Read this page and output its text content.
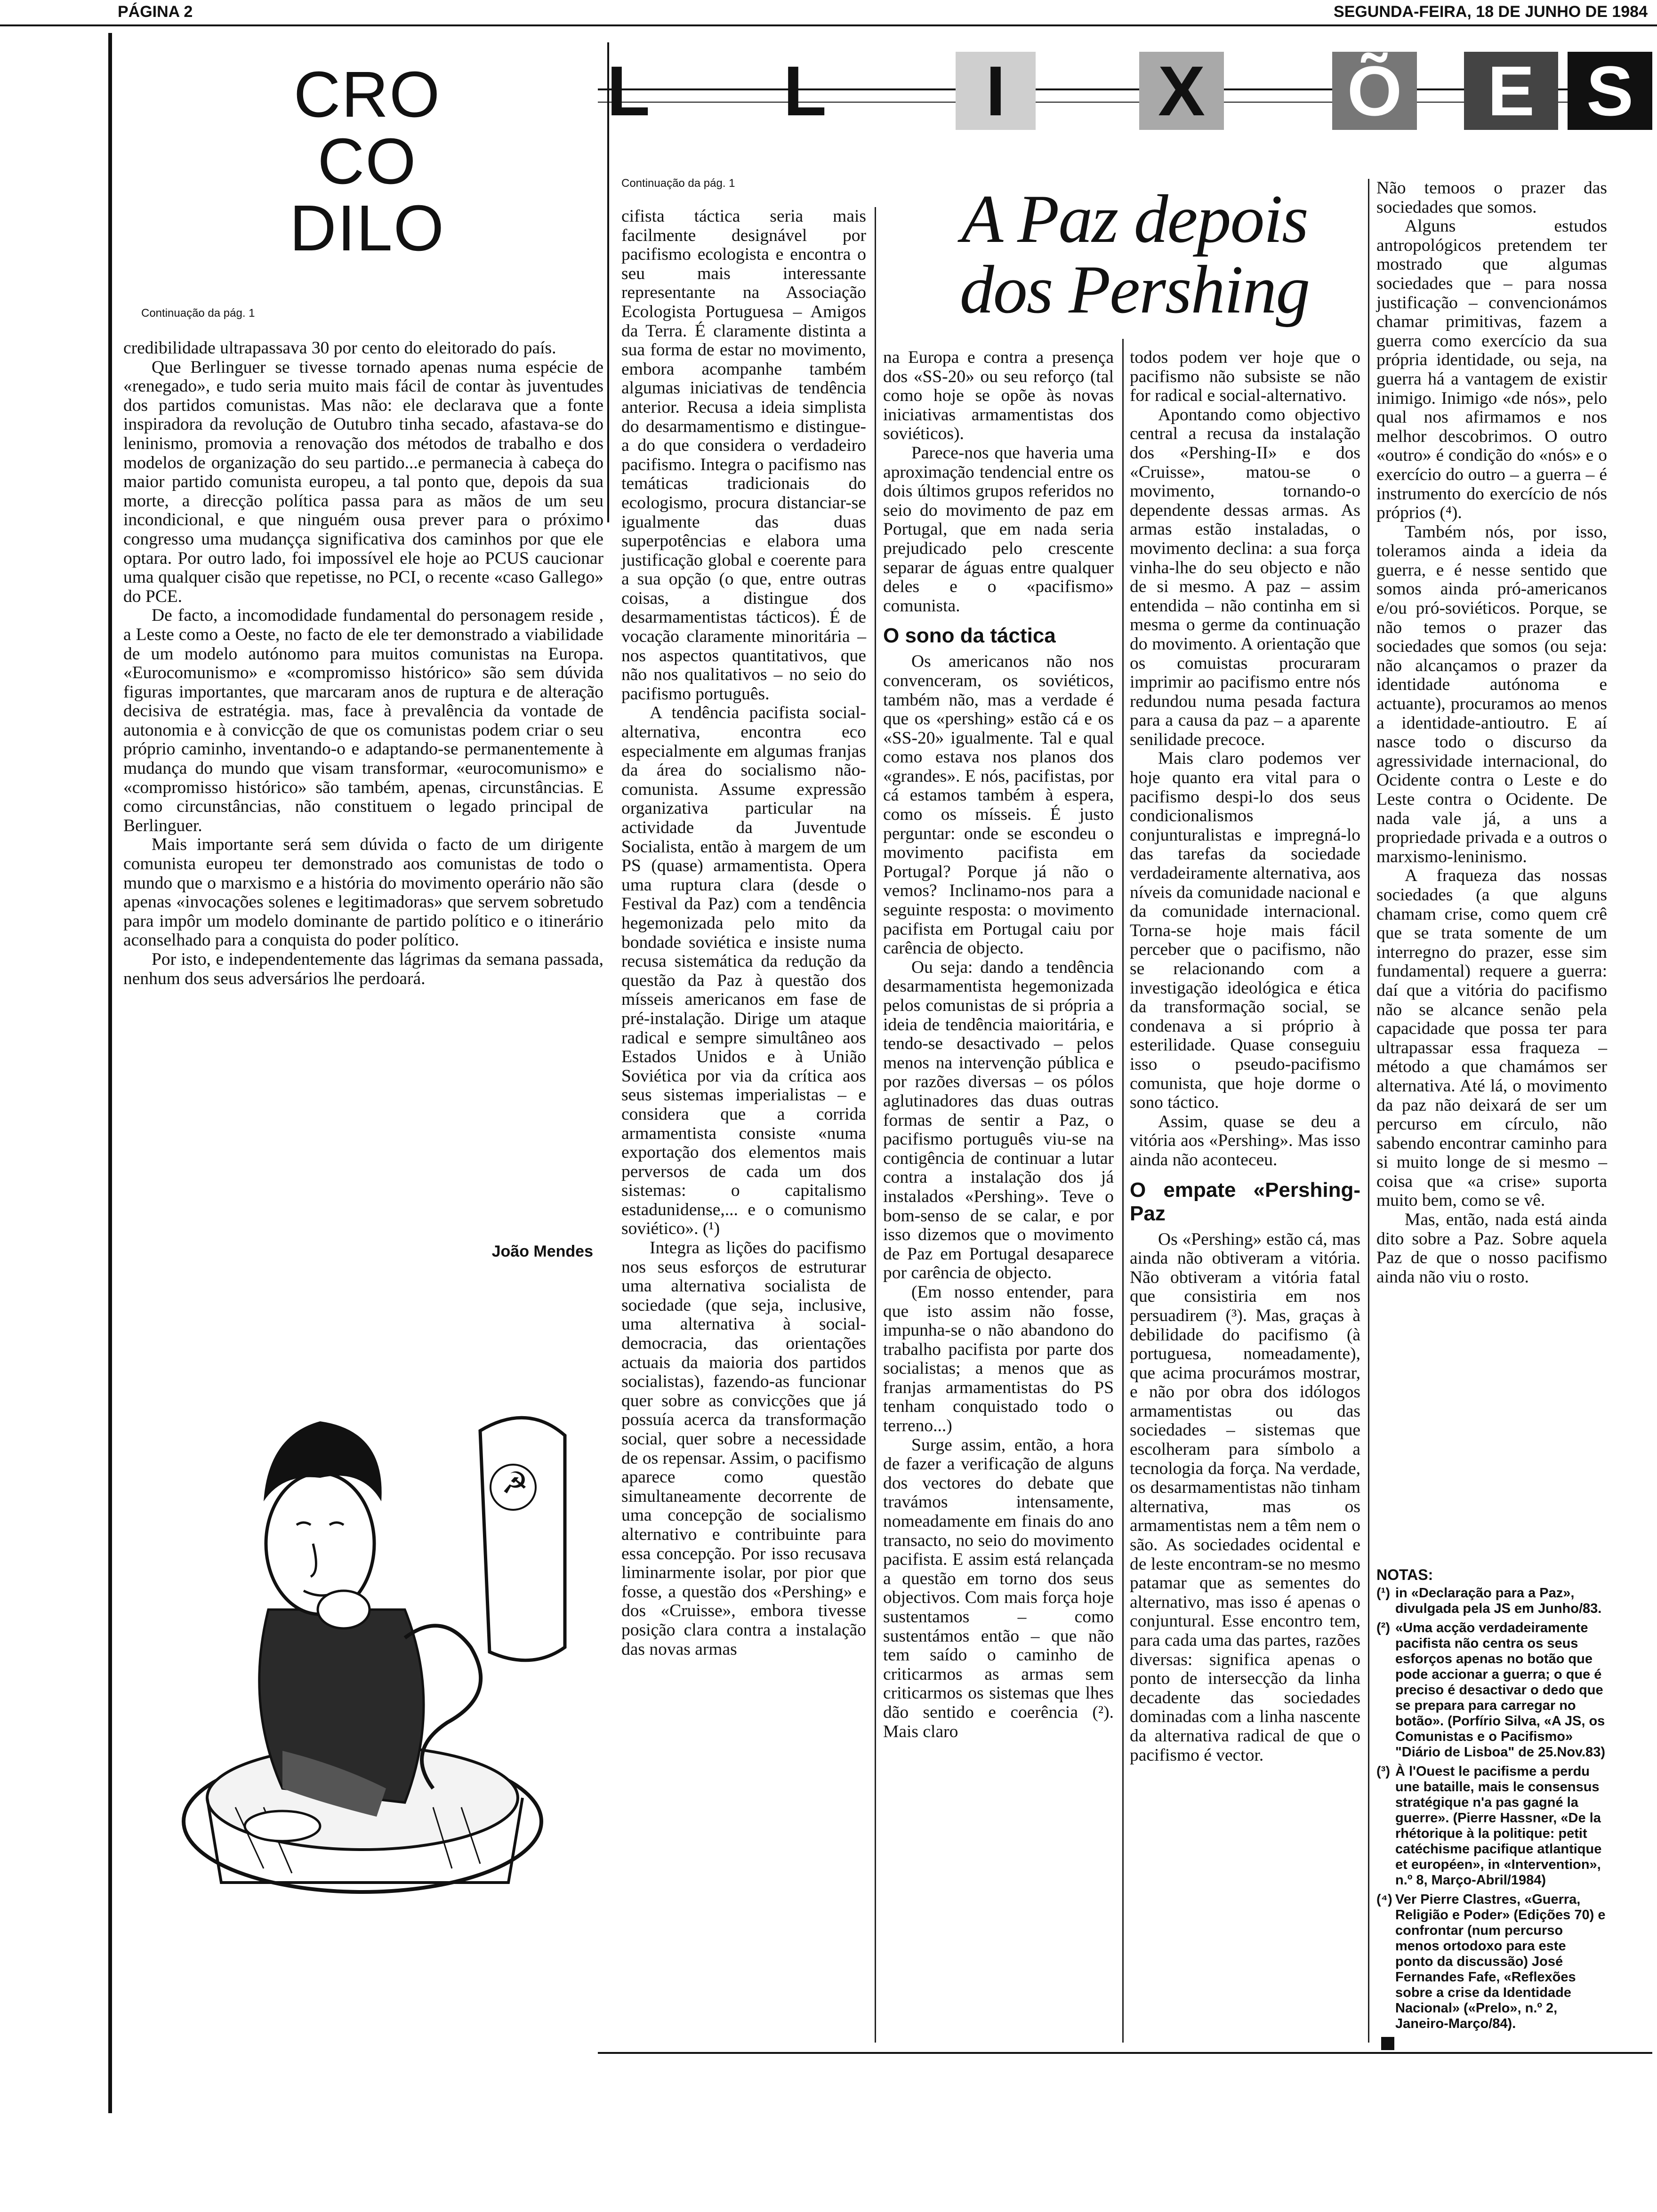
PÁGINA 2	SEGUNDA-FEIRA, 18 DE JUNHO DE 1984
CRO
CO
DILO
Continuação da pág. 1

credibilidade ultrapassava 30 por cento do eleitorado do país.

Que Berlinguer se tivesse tornado apenas numa espécie de «renegado», e tudo seria muito mais fácil de contar às juventudes dos partidos comunistas. Mas não: ele declarava que a fonte inspiradora da revolução de Outubro tinha secado, afastava-se do leninismo, promovia a renovação dos métodos de trabalho e dos modelos de organização do seu partido...e permanecia à cabeça do maior partido comunista europeu, a tal ponto que, depois da sua morte, a direcção política passa para as mãos de um seu incondicional, e que ninguém ousa prever para o próximo congresso uma mudançça significativa dos caminhos por que ele optara. Por outro lado, foi impossível ele hoje ao PCUS caucionar uma qualquer cisão que repetisse, no PCI, o recente «caso Gallego» do PCE.

De facto, a incomodidade fundamental do personagem reside , a Leste como a Oeste, no facto de ele ter demonstrado a viabilidade de um modelo autónomo para muitos comunistas na Europa. «Eurocomunismo» e «compromisso histórico» são sem dúvida figuras importantes, que marcaram anos de ruptura e de alteração decisiva de estratégia. mas, face à prevalência da vontade de autonomia e à convicção de que os comunistas podem criar o seu próprio caminho, inventando-o e adaptando-se permanentemente à mudança do mundo que visam transformar, «eurocomunismo» e «compromisso histórico» são também, apenas, circunstâncias. E como circunstâncias, não constituem o legado principal de Berlinguer.

Mais importante será sem dúvida o facto de um dirigente comunista europeu ter demonstrado aos comunistas de todo o mundo que o marxismo e a história do movimento operário não são apenas «invocações solenes e legitimadoras» que servem sobretudo para impôr um modelo dominante de partido político e o itinerário aconselhado para a conquista do poder político.

Por isto, e independentemente das lágrimas da semana passada, nenhum dos seus adversários lhe perdoará.

João Mendes
☭
L L I X Õ E S
Continuação da pág. 1	A Paz depois
dos Pershing

cifista táctica seria mais facilmente designável por pacifismo ecologista e encontra o seu mais interessante representante na Associação Ecologista Portuguesa – Amigos da Terra. É claramente distinta a sua forma de estar no movimento, embora acompanhe também algumas iniciativas de tendência anterior. Recusa a ideia simplista do desarmamentismo e distingue-a do que considera o verdadeiro pacifismo. Integra o pacifismo nas temáticas tradicionais do ecologismo, procura distanciar-se igualmente das duas superpotências e elabora uma justificação global e coerente para a sua opção (o que, entre outras coisas, a distingue dos desarmamentistas tácticos). É de vocação claramente minoritária – nos aspectos quantitativos, que não nos qualitativos – no seio do pacifismo português.

A tendência pacifista social-alternativa, encontra eco especialmente em algumas franjas da área do socialismo não-comunista. Assume expressão organizativa particular na actividade da Juventude Socialista, então à margem de um PS (quase) armamentista. Opera uma ruptura clara (desde o Festival da Paz) com a tendência hegemonizada pelo mito da bondade soviética e insiste numa recusa sistemática da redução da questão da Paz à questão dos mísseis americanos em fase de pré-instalação. Dirige um ataque radical e sempre simultâneo aos Estados Unidos e à União Soviética por via da crítica aos seus sistemas imperialistas – e considera que a corrida armamentista consiste «numa exportação dos elementos mais perversos de cada um dos sistemas: o capitalismo estadunidense,... e o comunismo soviético». (¹)

Integra as lições do pacifismo nos seus esforços de estruturar uma alternativa socialista de sociedade (que seja, inclusive, uma alternativa à social-democracia, das orientações actuais da maioria dos partidos socialistas), fazendo-as funcionar quer sobre as convicções que já possuía acerca da transformação social, quer sobre a necessidade de os repensar. Assim, o pacifismo aparece como questão simultaneamente decorrente de uma concepção de socialismo alternativo e contribuinte para essa concepção. Por isso recusava liminarmente isolar, por pior que fosse, a questão dos «Pershing» e dos «Cruisse», embora tivesse posição clara contra a instalação das novas armas

na Europa e contra a presença dos «SS-20» ou seu reforço (tal como hoje se opõe às novas iniciativas armamentistas dos soviéticos).

Parece-nos que haveria uma aproximação tendencial entre os dois últimos grupos referidos no seio do movimento de paz em Portugal, que em nada seria prejudicado pelo crescente separar de águas entre qualquer deles e o «pacifismo» comunista.

O sono da táctica

Os americanos não nos convenceram, os soviéticos, também não, mas a verdade é que os «pershing» estão cá e os «SS-20» igualmente. Tal e qual como estava nos planos dos «grandes». E nós, pacifistas, por cá estamos também à espera, como os mísseis. É justo perguntar: onde se escondeu o movimento pacifista em Portugal? Porque já não o vemos? Inclinamo-nos para a seguinte resposta: o movimento pacifista em Portugal caiu por carência de objecto.

Ou seja: dando a tendência desarmamentista hegemonizada pelos comunistas de si própria a ideia de tendência maioritária, e tendo-se desactivado – pelos menos na intervenção pública e por razões diversas – os pólos aglutinadores das duas outras formas de sentir a Paz, o pacifismo português viu-se na contigência de continuar a lutar contra a instalação dos já instalados «Pershing». Teve o bom-senso de se calar, e por isso dizemos que o movimento de Paz em Portugal desaparece por carência de objecto.

(Em nosso entender, para que isto assim não fosse, impunha-se o não abandono do trabalho pacifista por parte dos socialistas; a menos que as franjas armamentistas do PS tenham conquistado todo o terreno...)

Surge assim, então, a hora de fazer a verificação de alguns dos vectores do debate que travámos intensamente, nomeadamente em finais do ano transacto, no seio do movimento pacifista. E assim está relançada a questão em torno dos seus objectivos. Com mais força hoje sustentamos – como sustentámos então – que não tem saído o caminho de criticarmos as armas sem criticarmos os sistemas que lhes dão sentido e coerência (²). Mais claro

todos podem ver hoje que o pacifismo não subsiste se não for radical e social-alternativo.

Apontando como objectivo central a recusa da instalação dos «Pershing-II» e dos «Cruisse», matou-se o movimento, tornando-o dependente dessas armas. As armas estão instaladas, o movimento declina: a sua força vinha-lhe do seu objecto e não de si mesmo. A paz – assim entendida – não continha em si mesma o germe da continuação do movimento. A orientação que os comuistas procuraram imprimir ao pacifismo entre nós redundou numa pesada factura para a causa da paz – a aparente senilidade precoce.

Mais claro podemos ver hoje quanto era vital para o pacifismo despi-lo dos seus condicionalismos conjunturalistas e impregná-lo das tarefas da sociedade verdadeiramente alternativa, aos níveis da comunidade nacional e da comunidade internacional. Torna-se hoje mais fácil perceber que o pacifismo, não se relacionando com a investigação ideológica e ética da transformação social, se condenava a si próprio à esterilidade. Quase conseguiu isso o pseudo-pacifismo comunista, que hoje dorme o sono táctico.

Assim, quase se deu a vitória aos «Pershing». Mas isso ainda não aconteceu.

O empate «Pershing-Paz

Os «Pershing» estão cá, mas ainda não obtiveram a vitória. Não obtiveram a vitória fatal que consistiria em nos persuadirem (³). Mas, graças à debilidade do pacifismo (à portuguesa, nomeadamente), que acima procurámos mostrar, e não por obra dos idólogos armamentistas ou das sociedades – sistemas que escolheram para símbolo a tecnologia da força. Na verdade, os desarmamentistas não tinham alternativa, mas os armamentistas nem a têm nem o são. As sociedades ocidental e de leste encontram-se no mesmo patamar que as sementes do alternativo, mas isso é apenas o conjuntural. Esse encontro tem, para cada uma das partes, razões diversas: significa apenas o ponto de intersecção da linha decadente das sociedades dominadas com a linha nascente da alternativa radical de que o pacifismo é vector.

Não temoos o prazer das sociedades que somos.

Alguns estudos antropológicos pretendem ter mostrado que algumas sociedades que – para nossa justificação – convencionámos chamar primitivas, fazem a guerra como exercício da sua própria identidade, ou seja, na guerra há a vantagem de existir inimigo. Inimigo «de nós», pelo qual nos afirmamos e nos melhor descobrimos. O outro «outro» é condição do «nós» e o exercício do outro – a guerra – é instrumento do exercício de nós próprios (⁴).

Também nós, por isso, toleramos ainda a ideia da guerra, e é nesse sentido que somos ainda pró-americanos e/ou pró-soviéticos. Porque, se não temos o prazer das sociedades que somos (ou seja: não alcançamos o prazer da identidade autónoma e actuante), procuramos ao menos a identidade-antioutro. E aí nasce todo o discurso da agressividade internacional, do Ocidente contra o Leste e do Leste contra o Ocidente. De nada vale já, a uns a propriedade privada e a outros o marxismo-leninismo.

A fraqueza das nossas sociedades (a que alguns chamam crise, como quem crê que se trata somente de um interregno do prazer, esse sim fundamental) requere a guerra: daí que a vitória do pacifismo não se alcance senão pela capacidade que possa ter para ultrapassar essa fraqueza – método a que chamámos ser alternativa. Até lá, o movimento da paz não deixará de ser um percurso em círculo, não sabendo encontrar caminho para si muito longe de si mesmo – coisa que «a crise» suporta muito bem, como se vê.

Mas, então, nada está ainda dito sobre a Paz. Sobre aquela Paz de que o nosso pacifismo ainda não viu o rosto.

NOTAS:
(¹) in «Declaração para a Paz», divulgada pela JS em Junho/83.
(²) «Uma acção verdadeiramente pacifista não centra os seus esforços apenas no botão que pode accionar a guerra; o que é preciso é desactivar o dedo que se prepara para carregar no botão». (Porfírio Silva, «A JS, os Comunistas e o Pacifismo» "Diário de Lisboa" de 25.Nov.83)
(³) À l'Ouest le pacifisme a perdu une bataille, mais le consensus stratégique n'a pas gagné la guerre». (Pierre Hassner, «De la rhétorique à la politique: petit catéchisme pacifique atlantique et européen», in «Intervention», n.º 8, Março-Abril/1984)
(⁴) Ver Pierre Clastres, «Guerra, Religião e Poder» (Edições 70) e confrontar (num percurso menos ortodoxo para este ponto da discussão) José Fernandes Fafe, «Reflexões sobre a crise da Identidade Nacional» («Prelo», n.º 2, Janeiro-Março/84).
